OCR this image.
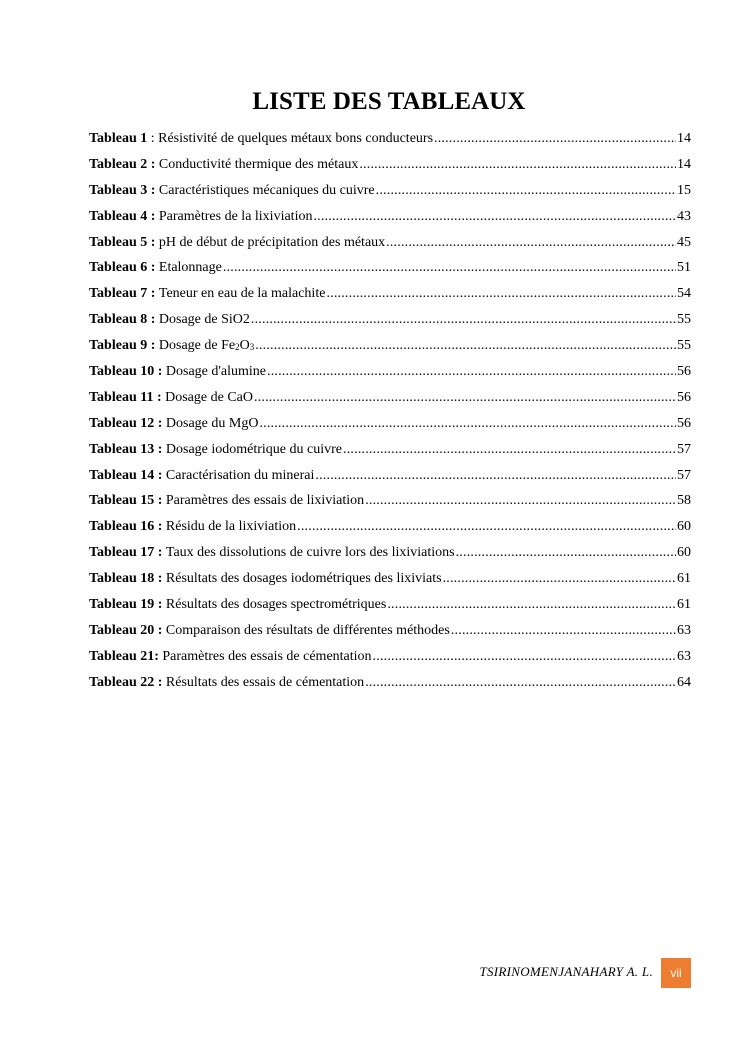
LISTE DES TABLEAUX
Tableau 1 : Résistivité de quelques métaux bons conducteurs .....	14
Tableau 2 :
Conductivité thermique des métaux .....	14
Tableau 3 :
Caractéristiques mécaniques du cuivre .....	15
Tableau 4 :
Paramètres de la lixiviation .....	43
Tableau 5 :
pH de début de précipitation des métaux .....	45
Tableau 6 :
Etalonnage .....	51
Tableau 7 :
Teneur en eau de la malachite .....	54
Tableau 8 :
Dosage de SiO2 .....	55
Tableau 9 :
Dosage de $Fe_2O_3$ .....	55
Tableau 10 :
Dosage d'alumine .....	56
Tableau 11 :
Dosage de CaO .....	56
Tableau 12 :
Dosage du MgO .....	56
Tableau 13 :
Dosage iodométrique du cuivre .....	57
Tableau 14 :
Caractérisation du minerai .....	57
Tableau 15 :
Paramètres des essais de lixiviation .....	58
Tableau 16 :
Résidu de la lixiviation .....	60
Tableau 17 :
Taux des dissolutions de cuivre lors des lixiviations .....	60
Tableau 18 :
Résultats des dosages iodométriques des lixiviats .....	61
Tableau 19 :
Résultats des dosages spectrométriques .....	61
Tableau 20 :
Comparaison des résultats de différentes méthodes .....	63
Tableau 21:
Paramètres des essais de cémentation .....	63
Tableau 22 :
Résultats des essais de cémentation .....	64
TSIRINOMENJANAHARY A. L.	vii
